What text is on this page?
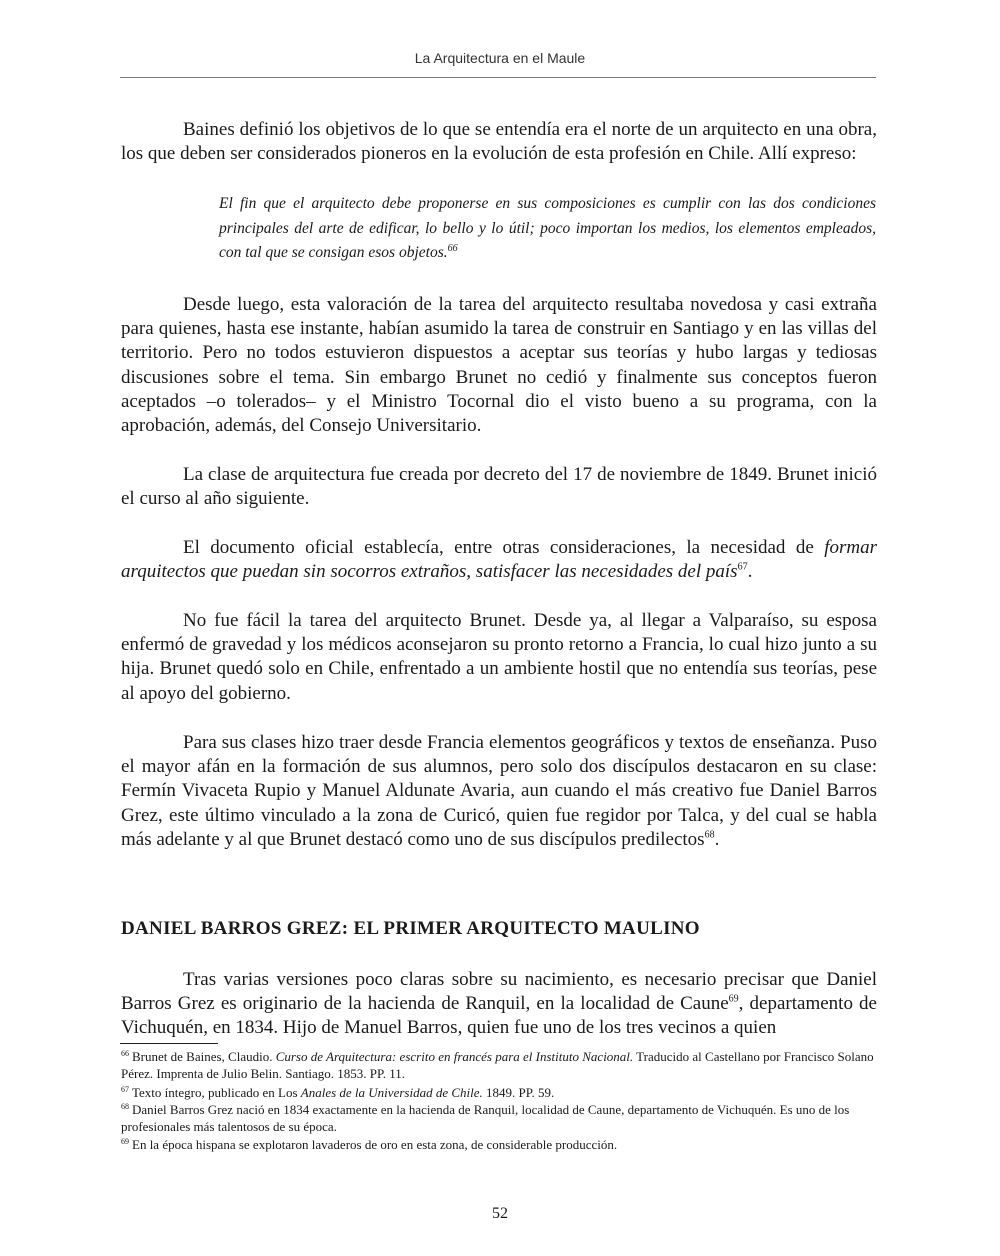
La Arquitectura en el Maule

Baines definió los objetivos de lo que se entendía era el norte de un arquitecto en una obra, los que deben ser considerados pioneros en la evolución de esta profesión en Chile. Allí expreso:

El fin que el arquitecto debe proponerse en sus composiciones es cumplir con las dos condiciones principales del arte de edificar, lo bello y lo útil; poco importan los medios, los elementos empleados, con tal que se consigan esos objetos.$^{66}$

Desde luego, esta valoración de la tarea del arquitecto resultaba novedosa y casi extraña para quienes, hasta ese instante, habían asumido la tarea de construir en Santiago y en las villas del territorio. Pero no todos estuvieron dispuestos a aceptar sus teorías y hubo largas y tediosas discusiones sobre el tema. Sin embargo Brunet no cedió y finalmente sus conceptos fueron aceptados –o tolerados– y el Ministro Tocornal dio el visto bueno a su programa, con la aprobación, además, del Consejo Universitario.

La clase de arquitectura fue creada por decreto del 17 de noviembre de 1849. Brunet inició el curso al año siguiente.

El documento oficial establecía, entre otras consideraciones, la necesidad de formar arquitectos que puedan sin socorros extraños, satisfacer las necesidades del país$^{67}$.

No fue fácil la tarea del arquitecto Brunet. Desde ya, al llegar a Valparaíso, su esposa enfermó de gravedad y los médicos aconsejaron su pronto retorno a Francia, lo cual hizo junto a su hija. Brunet quedó solo en Chile, enfrentado a un ambiente hostil que no entendía sus teorías, pese al apoyo del gobierno.

Para sus clases hizo traer desde Francia elementos geográficos y textos de enseñanza. Puso el mayor afán en la formación de sus alumnos, pero solo dos discípulos destacaron en su clase: Fermín Vivaceta Rupio y Manuel Aldunate Avaria, aun cuando el más creativo fue Daniel Barros Grez, este último vinculado a la zona de Curicó, quien fue regidor por Talca, y del cual se habla más adelante y al que Brunet destacó como uno de sus discípulos predilectos$^{68}$.

DANIEL BARROS GREZ: EL PRIMER ARQUITECTO MAULINO

Tras varias versiones poco claras sobre su nacimiento, es necesario precisar que Daniel Barros Grez es originario de la hacienda de Ranquil, en la localidad de Caune$^{69}$, departamento de Vichuquén, en 1834. Hijo de Manuel Barros, quien fue uno de los tres vecinos a quien

$^{66}$ Brunet de Baines, Claudio. Curso de Arquitectura: escrito en francés para el Instituto Nacional. Traducido al Castellano por Francisco Solano Pérez. Imprenta de Julio Belin. Santiago. 1853. PP. 11.

$^{67}$ Texto íntegro, publicado en Los Anales de la Universidad de Chile. 1849. PP. 59.

$^{68}$ Daniel Barros Grez nació en 1834 exactamente en la hacienda de Ranquil, localidad de Caune, departamento de Vichuquén. Es uno de los profesionales más talentosos de su época.

$^{69}$ En la época hispana se explotaron lavaderos de oro en esta zona, de considerable producción.

52
